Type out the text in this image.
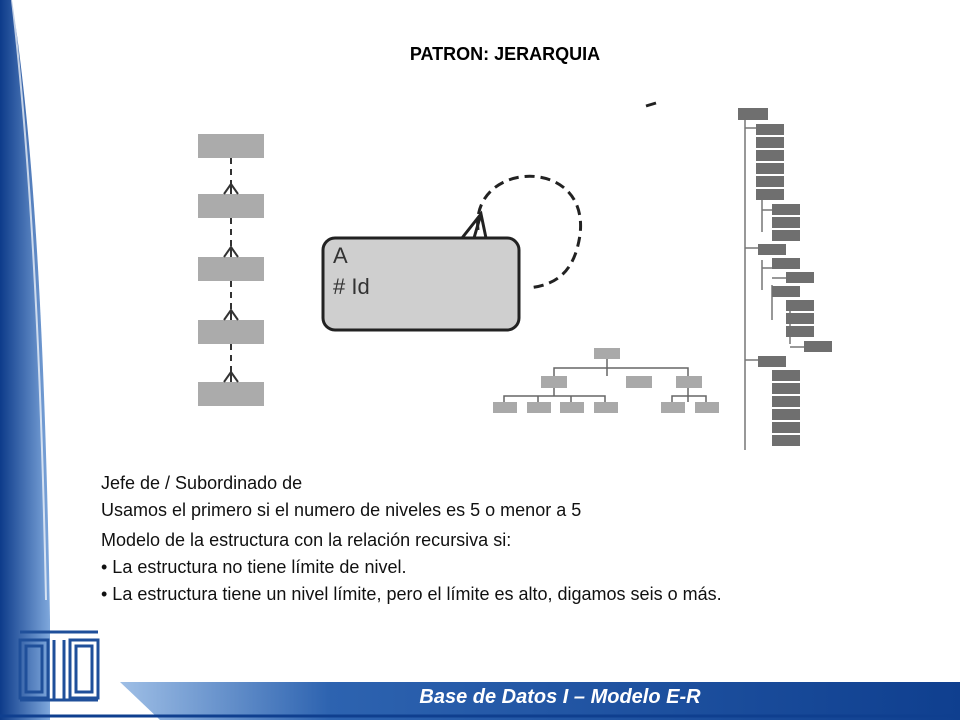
PATRON: JERARQUIA
A
# Id
Jefe de / Subordinado de
Usamos el primero si el numero de niveles es 5 o menor a 5
Modelo de la estructura con la relación recursiva si:
• La estructura no tiene límite de nivel.
• La estructura tiene un nivel límite, pero el límite es alto, digamos seis o más.
Base de Datos I – Modelo E-R
